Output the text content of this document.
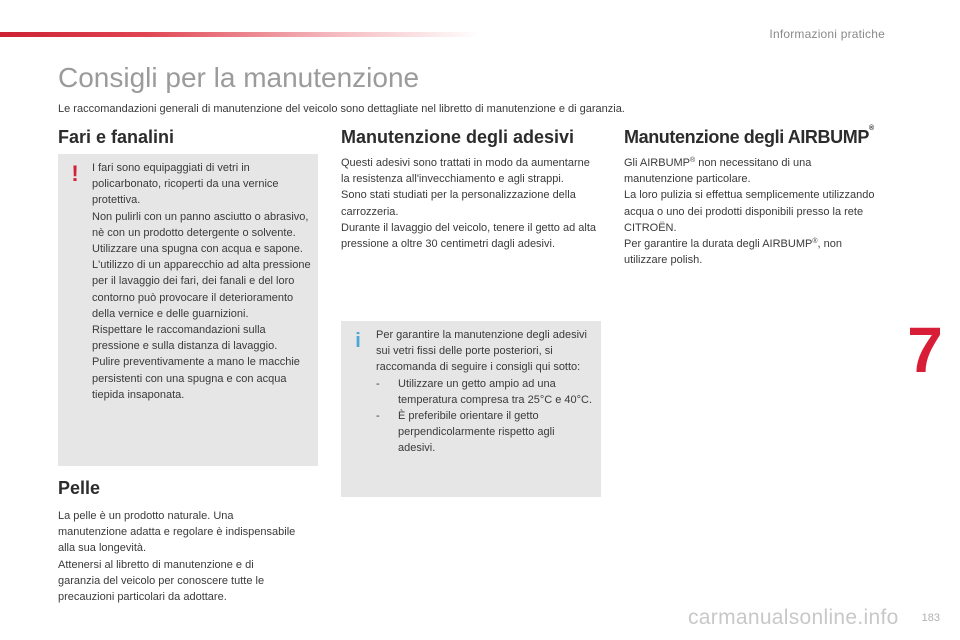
Informazioni pratiche
Consigli per la manutenzione
Le raccomandazioni generali di manutenzione del veicolo sono dettagliate nel libretto di manutenzione e di garanzia.
Fari e fanalini
! I fari sono equipaggiati di vetri in policarbonato, ricoperti da una vernice protettiva.
Non pulirli con un panno asciutto o abrasivo, nè con un prodotto detergente o solvente.
Utilizzare una spugna con acqua e sapone.
L'utilizzo di un apparecchio ad alta pressione per il lavaggio dei fari, dei fanali e del loro contorno può provocare il deterioramento della vernice e delle guarnizioni.
Rispettare le raccomandazioni sulla pressione e sulla distanza di lavaggio.
Pulire preventivamente a mano le macchie persistenti con una spugna e con acqua tiepida insaponata.

Pelle

La pelle è un prodotto naturale. Una manutenzione adatta e regolare è indispensabile alla sua longevità.
Attenersi al libretto di manutenzione e di garanzia del veicolo per conoscere tutte le precauzioni particolari da adottare.

Manutenzione degli adesivi

Questi adesivi sono trattati in modo da aumentarne la resistenza all'invecchiamento e agli strappi.
Sono stati studiati per la personalizzazione della carrozzeria.
Durante il lavaggio del veicolo, tenere il getto ad alta pressione a oltre 30 centimetri dagli adesivi.

i Per garantire la manutenzione degli adesivi sui vetri fissi delle porte posteriori, si raccomanda di seguire i consigli qui sotto:

-	Utilizzare un getto ampio ad una temperatura compresa tra 25°C e 40°C.
-	È preferibile orientare il getto perpendicolarmente rispetto agli adesivi.
Manutenzione degli AIRBUMP®

Gli AIRBUMP® non necessitano di una manutenzione particolare.

La loro pulizia si effettua semplicemente utilizzando acqua o uno dei prodotti disponibili presso la rete CITROËN.

Per garantire la durata degli AIRBUMP®, non utilizzare polish.

7
183
carmanualsonline.info
